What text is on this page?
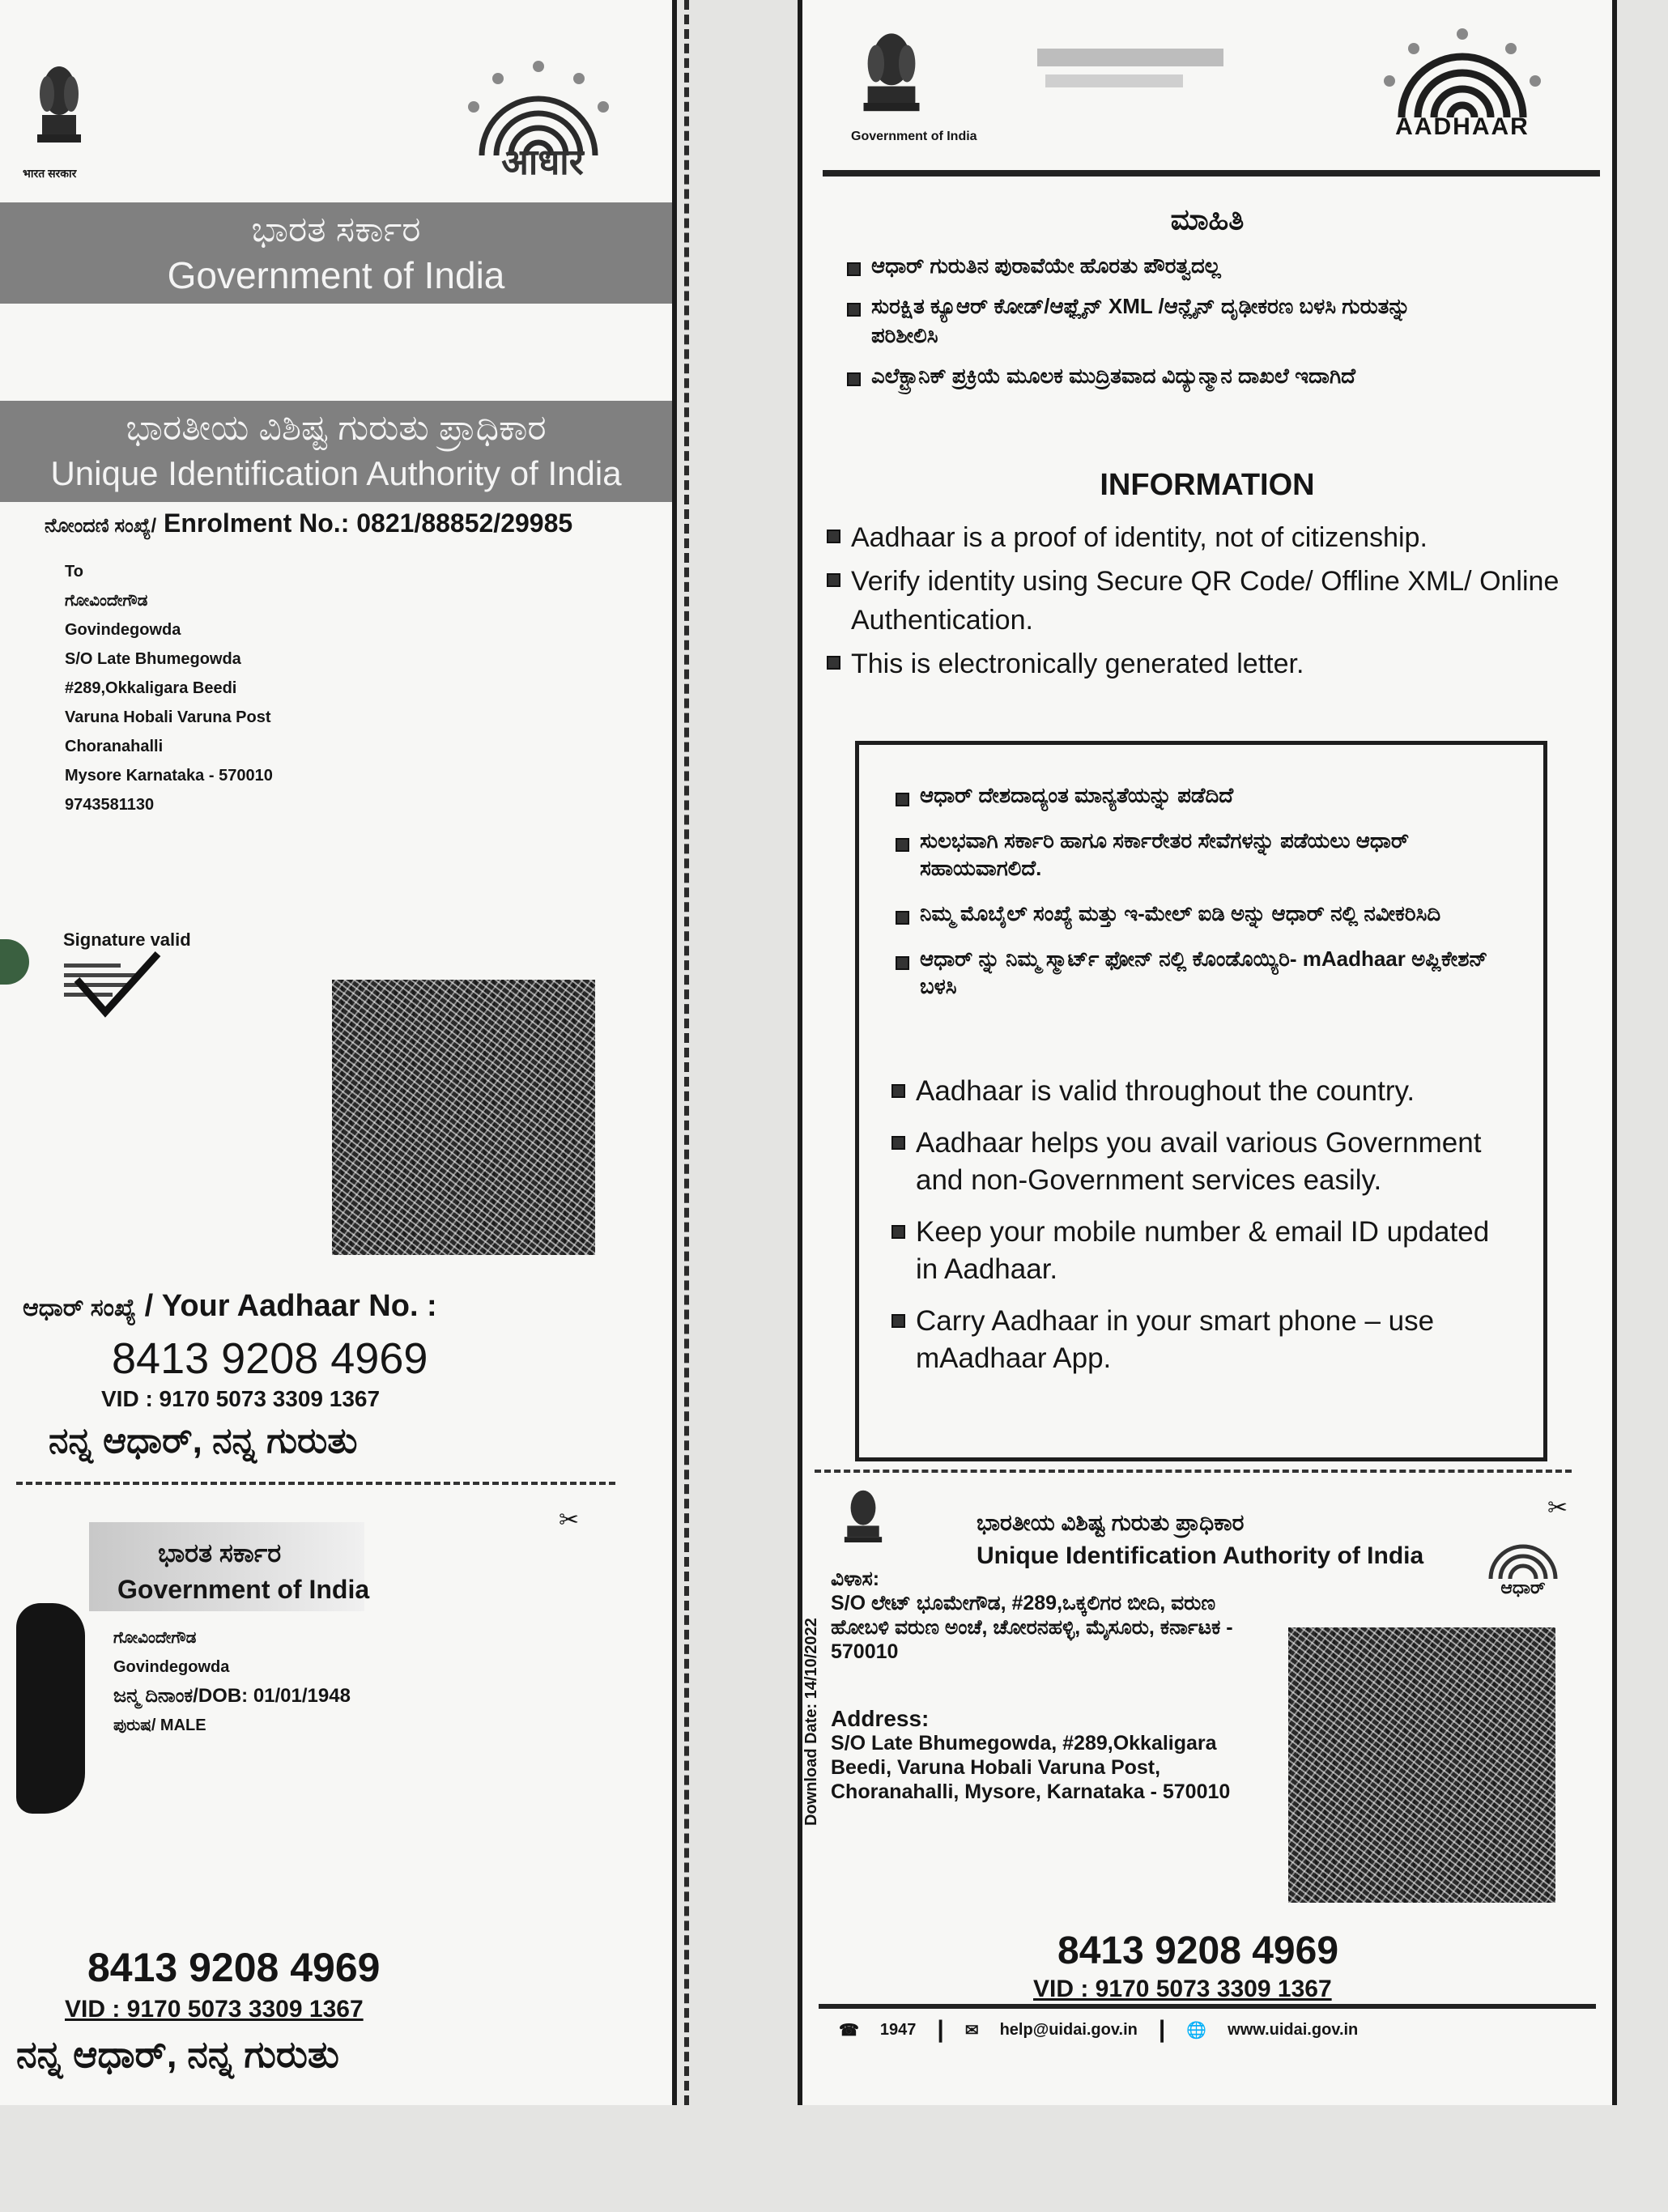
भारत सरकार	आधार
ಭಾರತ ಸರ್ಕಾರ
Government of India
ಭಾರತೀಯ ವಿಶಿಷ್ಟ ಗುರುತು ಪ್ರಾಧಿಕಾರ
Unique Identification Authority of India
ನೋಂದಣಿ ಸಂಖ್ಯೆ/ Enrolment No.: 0821/88852/29985
To
ಗೋವಿಂದೇಗೌಡ
Govindegowda
S/O Late Bhumegowda
#289,Okkaligara Beedi
Varuna Hobali Varuna Post
Choranahalli
Mysore Karnataka - 570010
9743581130
Signature valid
ಆಧಾರ್ ಸಂಖ್ಯೆ / Your Aadhaar No. :
8413 9208 4969
VID : 9170 5073 3309 1367
ನನ್ನ ಆಧಾರ್, ನನ್ನ ಗುರುತು
✂
ಭಾರತ ಸರ್ಕಾರ
Government of India
ಗೋವಿಂದೇಗೌಡ
Govindegowda
ಜನ್ಮ ದಿನಾಂಕ/DOB: 01/01/1948
ಪುರುಷ/ MALE
8413 9208 4969
VID : 9170 5073 3309 1367
ನನ್ನ ಆಧಾರ್, ನನ್ನ ಗುರುತು
Government of India	AADHAAR
ಮಾಹಿತಿ
ಆಧಾರ್ ಗುರುತಿನ ಪುರಾವೆಯೇ ಹೊರತು ಪೌರತ್ವದಲ್ಲ
ಸುರಕ್ಷಿತ ಕ್ಯೂಆರ್ ಕೋಡ್/ಆಫ್ಲೈನ್ XML /ಆನ್ಲೈನ್ ದೃಢೀಕರಣ ಬಳಸಿ ಗುರುತನ್ನು ಪರಿಶೀಲಿಸಿ
ಎಲೆಕ್ಟ್ರಾನಿಕ್ ಪ್ರಕ್ರಿಯೆ ಮೂಲಕ ಮುದ್ರಿತವಾದ ವಿದ್ಯುನ್ಮಾನ ದಾಖಲೆ ಇದಾಗಿದೆ
INFORMATION
Aadhaar is a proof of identity, not of citizenship.
Verify identity using Secure QR Code/ Offline XML/ Online Authentication.
This is electronically generated letter.
ಆಧಾರ್ ದೇಶದಾದ್ಯಂತ ಮಾನ್ಯತೆಯನ್ನು ಪಡೆದಿದೆ
ಸುಲಭವಾಗಿ ಸರ್ಕಾರಿ ಹಾಗೂ ಸರ್ಕಾರೇತರ ಸೇವೆಗಳನ್ನು ಪಡೆಯಲು ಆಧಾರ್ ಸಹಾಯವಾಗಲಿದೆ.
ನಿಮ್ಮ ಮೊಬೈಲ್ ಸಂಖ್ಯೆ ಮತ್ತು ಇ-ಮೇಲ್ ಐಡಿ ಅನ್ನು ಆಧಾರ್ ನಲ್ಲಿ ನವೀಕರಿಸಿದಿ
ಆಧಾರ್ ನ್ನು ನಿಮ್ಮ ಸ್ಮಾರ್ಟ್ ಫೋನ್ ನಲ್ಲಿ ಕೊಂಡೊಯ್ಯಿರಿ- mAadhaar ಅಪ್ಲಿಕೇಶನ್ ಬಳಸಿ
Aadhaar is valid throughout the country.
Aadhaar helps you avail various Government and non-Government services easily.
Keep your mobile number & email ID updated in Aadhaar.
Carry Aadhaar in your smart phone – use mAadhaar App.
✂
ಭಾರತೀಯ ವಿಶಿಷ್ಟ ಗುರುತು ಪ್ರಾಧಿಕಾರ
Unique Identification Authority of India
ಆಧಾರ್
Download Date: 14/10/2022
ವಿಳಾಸ:
S/O ಲೇಟ್ ಭೂಮೇಗೌಡ, #289,ಒಕ್ಕಲಿಗರ ಬೀದಿ, ವರುಣ ಹೋಬಳಿ ವರುಣ ಅಂಚೆ, ಚೋರನಹಳ್ಳಿ, ಮೈಸೂರು, ಕರ್ನಾಟಕ - 570010
Address:
S/O Late Bhumegowda, #289,Okkaligara Beedi, Varuna Hobali Varuna Post, Choranahalli, Mysore, Karnataka - 570010
8413 9208 4969
VID : 9170 5073 3309 1367
☎ 1947 | ✉ help@uidai.gov.in | 🌐 www.uidai.gov.in
